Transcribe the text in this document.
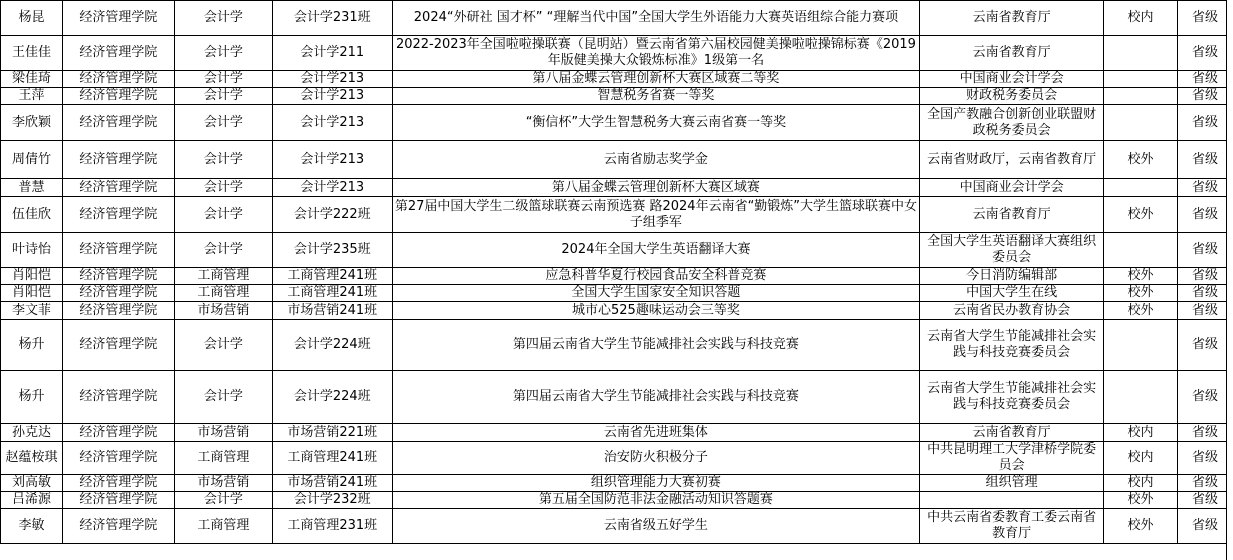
杨昆	经济管理学院	会计学	会计学231班	2024“外研社 国才杯” “理解当代中国”全国大学生外语能力大赛英语组综合能力赛项	云南省教育厅	校内	省级
王佳佳	经济管理学院	会计学	会计学211	2022-2023年全国啦啦操联赛（昆明站）暨云南省第六届校园健美操啦啦操锦标赛《2019年版健美操大众锻炼标准》1级第一名	云南省教育厅		省级
梁佳琦	经济管理学院	会计学	会计学213	第八届金蝶云管理创新杯大赛区域赛二等奖	中国商业会计学会		省级
王萍	经济管理学院	会计学	会计学213	智慧税务省赛一等奖	财政税务委员会		省级
李欣颖	经济管理学院	会计学	会计学213	“衡信杯”大学生智慧税务大赛云南省赛一等奖	全国产教融合创新创业联盟财政税务委员会		省级
周倩竹	经济管理学院	会计学	会计学213	云南省励志奖学金	云南省财政厅，云南省教育厅	校外	省级
普慧	经济管理学院	会计学	会计学213	第八届金蝶云管理创新杯大赛区域赛	中国商业会计学会		省级
伍佳欣	经济管理学院	会计学	会计学222班	第27届中国大学生二级篮球联赛云南预选赛 路2024年云南省“勤锻炼”大学生篮球联赛中女子组季军	云南省教育厅	校外	省级
叶诗怡	经济管理学院	会计学	会计学235班	2024年全国大学生英语翻译大赛	全国大学生英语翻译大赛组织委员会		省级
肖阳恺	经济管理学院	工商管理	工商管理241班	应急科普华夏行校园食品安全科普竞赛	今日消防编辑部	校外	省级
肖阳恺	经济管理学院	工商管理	工商管理241班	全国大学生国家安全知识答题	中国大学生在线	校外	省级
李文菲	经济管理学院	市场营销	市场营销241班	城市心525趣味运动会三等奖	云南省民办教育协会	校外	省级
杨升	经济管理学院	会计学	会计学224班	第四届云南省大学生节能减排社会实践与科技竞赛	云南省大学生节能减排社会实践与科技竞赛委员会		省级
杨升	经济管理学院	会计学	会计学224班	第四届云南省大学生节能减排社会实践与科技竞赛	云南省大学生节能减排社会实践与科技竞赛委员会		省级
孙克达	经济管理学院	市场营销	市场营销221班	云南省先进班集体	云南省教育厅	校内	省级
赵蕴桉琪	经济管理学院	工商管理	工商管理241班	治安防火积极分子	中共昆明理工大学津桥学院委员会	校内	省级
刘高敏	经济管理学院	市场营销	市场营销241班	组织管理能力大赛初赛	组织管理	校内	省级
吕浠源	经济管理学院	会计学	会计学232班	第五届全国防范非法金融活动知识答题赛		校外	省级
李敏	经济管理学院	工商管理	工商管理231班	云南省级五好学生	中共云南省委教育工委云南省教育厅	校外	省级
